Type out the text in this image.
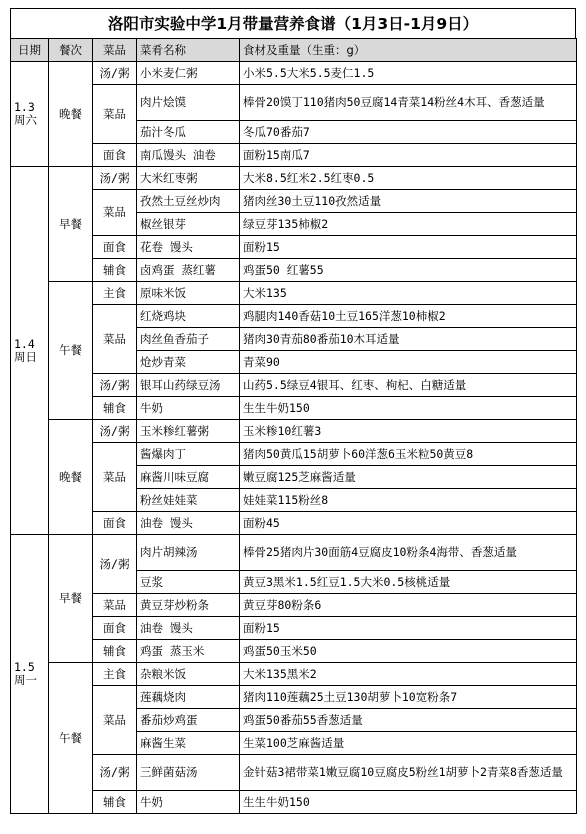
洛阳市实验中学1月带量营养食谱（1月3日-1月9日）
日期	餐次	菜品	菜肴名称	食材及重量（生重：g）
1.3周六	晚餐	汤/粥	小米麦仁粥	小米5.5大米5.5麦仁1.5
		菜品	肉片烩馍	棒骨20馍丁110猪肉50豆腐14青菜14粉丝4木耳、香葱适量
			茄汁冬瓜	冬瓜70番茄7
		面食	南瓜馒头 油卷	面粉15南瓜7
1.4周日	早餐	汤/粥	大米红枣粥	大米8.5红米2.5红枣0.5
		菜品	孜然土豆丝炒肉	猪肉丝30土豆110孜然适量
			椒丝银芽	绿豆芽135柿椒2
		面食	花卷 馒头	面粉15
		辅食	卤鸡蛋 蒸红薯	鸡蛋50 红薯55
	午餐	主食	原味米饭	大米135
		菜品	红烧鸡块	鸡腿肉140香菇10土豆165洋葱10柿椒2
			肉丝鱼香茄子	猪肉30青茄80番茄10木耳适量
			炝炒青菜	青菜90
		汤/粥	银耳山药绿豆汤	山药5.5绿豆4银耳、红枣、枸杞、白糖适量
		辅食	牛奶	生生牛奶150
	晚餐	汤/粥	玉米糁红薯粥	玉米糁10红薯3
		菜品	酱爆肉丁	猪肉50黄瓜15胡萝卜60洋葱6玉米粒50黄豆8
			麻酱川味豆腐	嫩豆腐125芝麻酱适量
			粉丝娃娃菜	娃娃菜115粉丝8
		面食	油卷 馒头	面粉45
1.5周一	早餐	汤/粥	肉片胡辣汤	棒骨25猪肉片30面筋4豆腐皮10粉条4海带、香葱适量
			豆浆	黄豆3黑米1.5红豆1.5大米0.5核桃适量
		菜品	黄豆芽炒粉条	黄豆芽80粉条6
		面食	油卷 馒头	面粉15
		辅食	鸡蛋 蒸玉米	鸡蛋50玉米50
	午餐	主食	杂粮米饭	大米135黑米2
		菜品	莲藕烧肉	猪肉110莲藕25土豆130胡萝卜10宽粉条7
			番茄炒鸡蛋	鸡蛋50番茄55香葱适量
			麻酱生菜	生菜100芝麻酱适量
		汤/粥	三鲜菌菇汤	金针菇3裙带菜1嫩豆腐10豆腐皮5粉丝1胡萝卜2青菜8香葱适量
		辅食	牛奶	生生牛奶150
